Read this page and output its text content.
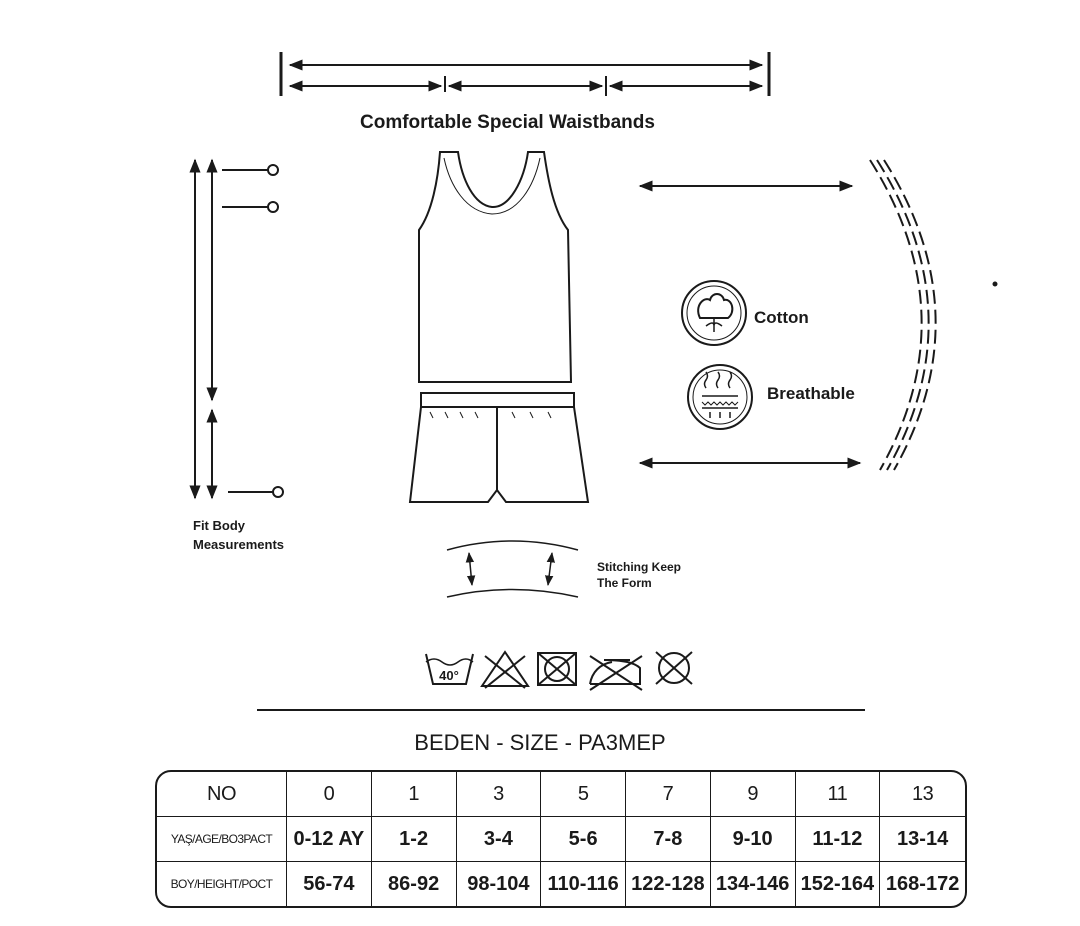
40°
Comfortable Special Waistbands
Fit Body
Measurements
Cotton
Breathable
Stitching Keep
The Form
BEDEN - SIZE - PA3MEP
NO	0	1	3	5	7	9	11	13
YAŞ/AGE/BO3PACT	0-12 AY	1-2	3-4	5-6	7-8	9-10	11-12	13-14
BOY/HEIGHT/POCT	56-74	86-92	98-104	110-116	122-128	134-146	152-164	168-172
